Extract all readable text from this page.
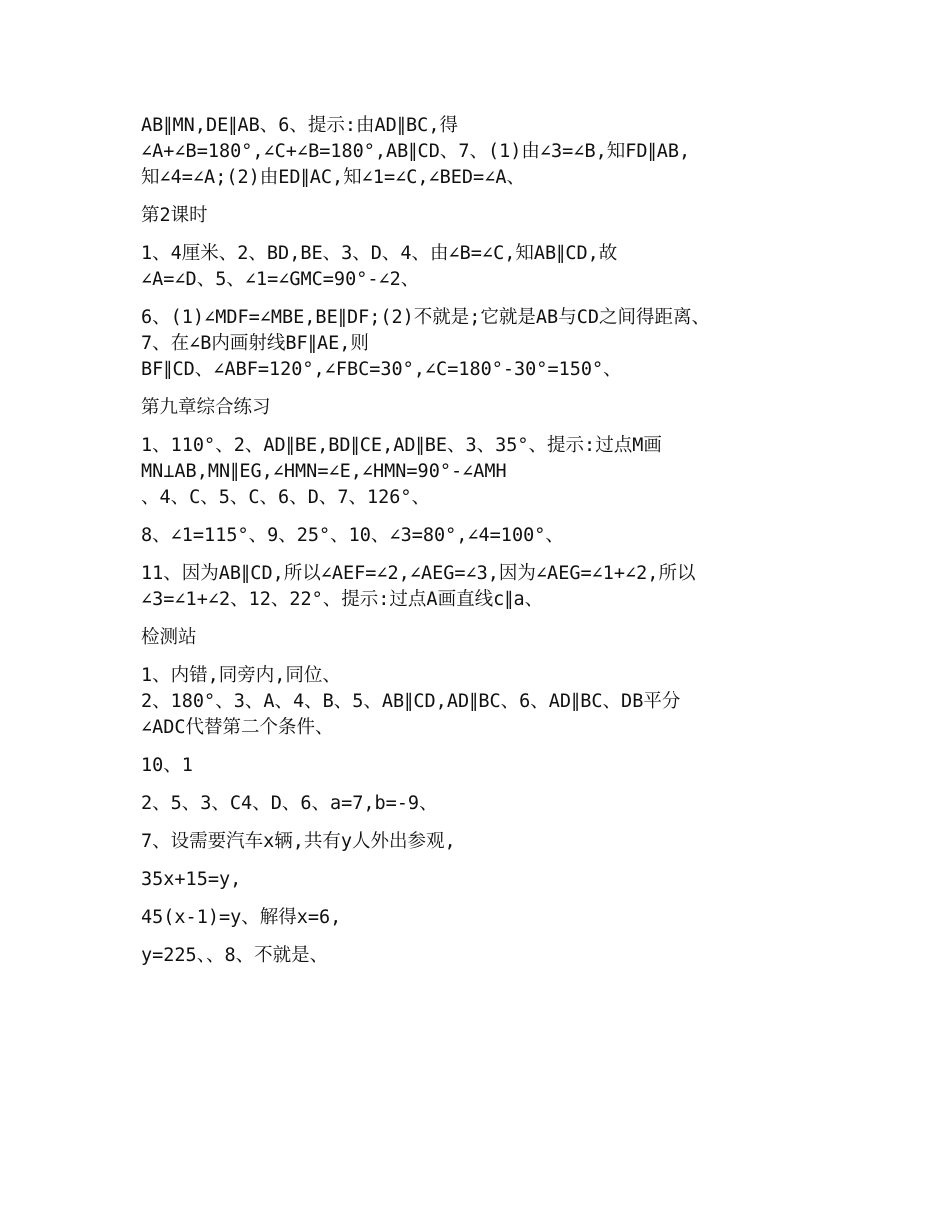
AB∥MN,DE∥AB、6、提示:由AD∥BC,得
∠A+∠B=180°,∠C+∠B=180°,AB∥CD、7、(1)由∠3=∠B,知FD∥AB,
知∠4=∠A;(2)由ED∥AC,知∠1=∠C,∠BED=∠A、
第2课时
1、4厘米、2、BD,BE、3、D、4、由∠B=∠C,知AB∥CD,故
∠A=∠D、5、∠1=∠GMC=90°-∠2、
6、(1)∠MDF=∠MBE,BE∥DF;(2)不就是;它就是AB与CD之间得距离、
7、在∠B内画射线BF∥AE,则
BF∥CD、∠ABF=120°,∠FBC=30°,∠C=180°-30°=150°、
第九章综合练习
1、110°、2、AD∥BE,BD∥CE,AD∥BE、3、35°、提示:过点M画
MN⊥AB,MN∥EG,∠HMN=∠E,∠HMN=90°-∠AMH
、4、C、5、C、6、D、7、126°、
8、∠1=115°、9、25°、10、∠3=80°,∠4=100°、
11、因为AB∥CD,所以∠AEF=∠2,∠AEG=∠3,因为∠AEG=∠1+∠2,所以
∠3=∠1+∠2、12、22°、提示:过点A画直线c∥a、
检测站
1、内错,同旁内,同位、
2、180°、3、A、4、B、5、AB∥CD,AD∥BC、6、AD∥BC、DB平分
∠ADC代替第二个条件、
10、1
2、5、3、C4、D、6、a=7,b=-9、
7、设需要汽车x辆,共有y人外出参观,
35x+15=y,
45(x-1)=y、解得x=6,
y=225、、8、不就是、
